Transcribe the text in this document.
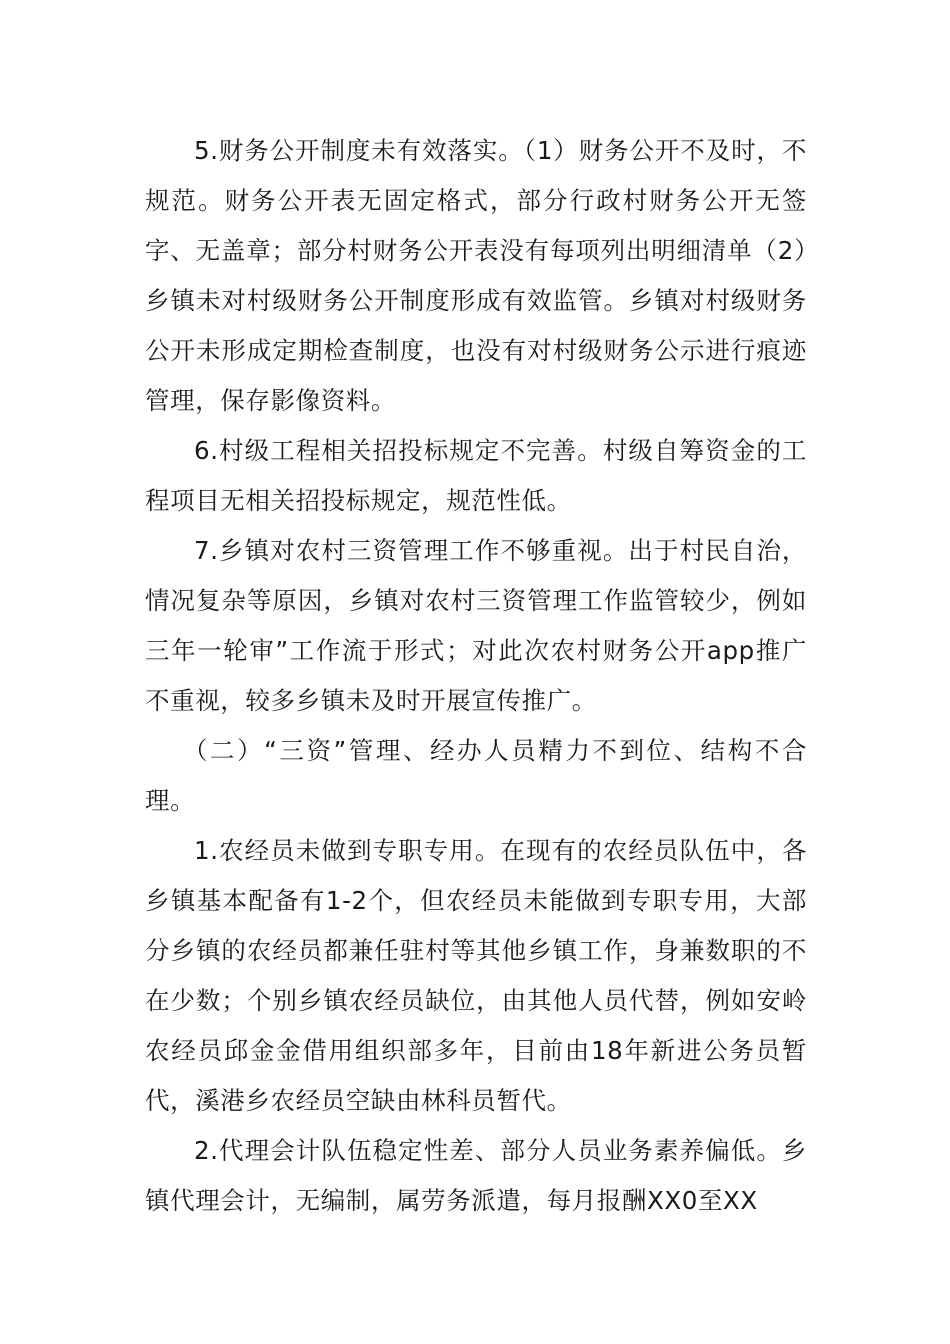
5.财务公开制度未有效落实。（1）财务公开不及时，不规范。财务公开表无固定格式，部分行政村财务公开无签字、无盖章；部分村财务公开表没有每项列出明细清单（2）乡镇未对村级财务公开制度形成有效监管。乡镇对村级财务公开未形成定期检查制度，也没有对村级财务公示进行痕迹管理，保存影像资料。

6.村级工程相关招投标规定不完善。村级自筹资金的工程项目无相关招投标规定，规范性低。

7.乡镇对农村三资管理工作不够重视。出于村民自治，情况复杂等原因，乡镇对农村三资管理工作监管较少，例如三年一轮审”工作流于形式；对此次农村财务公开app推广不重视，较多乡镇未及时开展宣传推广。

（二）“三资”管理、经办人员精力不到位、结构不合理。

1.农经员未做到专职专用。在现有的农经员队伍中，各乡镇基本配备有1-2个，但农经员未能做到专职专用，大部分乡镇的农经员都兼任驻村等其他乡镇工作，身兼数职的不在少数；个别乡镇农经员缺位，由其他人员代替，例如安岭农经员邱金金借用组织部多年，目前由18年新进公务员暂代，溪港乡农经员空缺由林科员暂代。

2.代理会计队伍稳定性差、部分人员业务素养偏低。乡镇代理会计，无编制，属劳务派遣，每月报酬XX0至XX
